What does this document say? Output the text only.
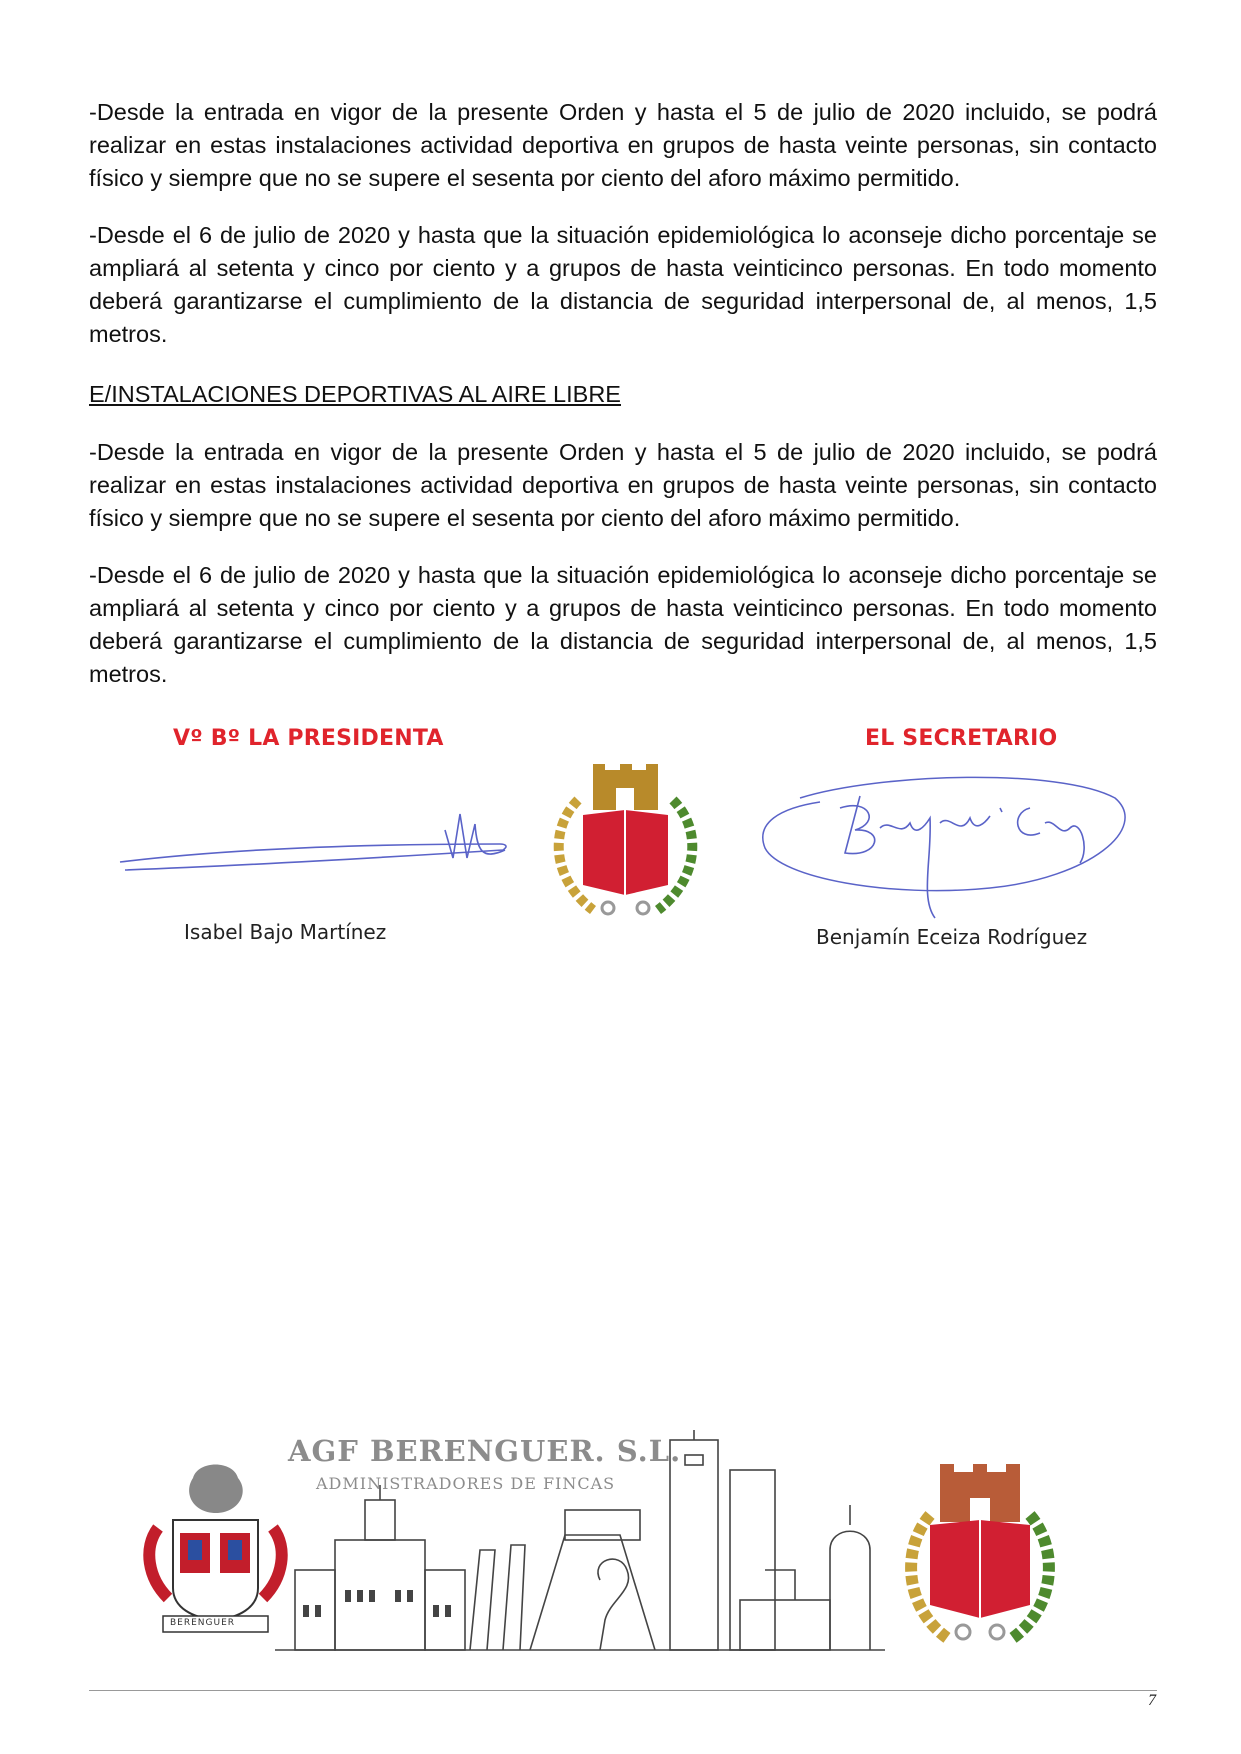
-Desde la entrada en vigor de la presente Orden y hasta el 5 de julio de 2020 incluido, se podrá realizar en estas instalaciones actividad deportiva en grupos de hasta veinte personas, sin contacto físico y siempre que no se supere el sesenta por ciento del aforo máximo permitido.

-Desde el 6 de julio de 2020 y hasta que la situación epidemiológica lo aconseje dicho porcentaje se ampliará al setenta y cinco por ciento y a grupos de hasta veinticinco personas. En todo momento deberá garantizarse el cumplimiento de la distancia de seguridad interpersonal de, al menos, 1,5 metros.

E/INSTALACIONES DEPORTIVAS AL AIRE LIBRE

-Desde la entrada en vigor de la presente Orden y hasta el 5 de julio de 2020 incluido, se podrá realizar en estas instalaciones actividad deportiva en grupos de hasta veinte personas, sin contacto físico y siempre que no se supere el sesenta por ciento del aforo máximo permitido.

-Desde el 6 de julio de 2020 y hasta que la situación epidemiológica lo aconseje dicho porcentaje se ampliará al setenta y cinco por ciento y a grupos de hasta veinticinco personas. En todo momento deberá garantizarse el cumplimiento de la distancia de seguridad interpersonal de, al menos, 1,5 metros.

Vº Bº LA PRESIDENTA	EL SECRETARIO
Isabel Bajo Martínez	Benjamín Eceiza Rodríguez
BERENGUER
AGF BERENGUER. S.L.
ADMINISTRADORES DE FINCAS
7
